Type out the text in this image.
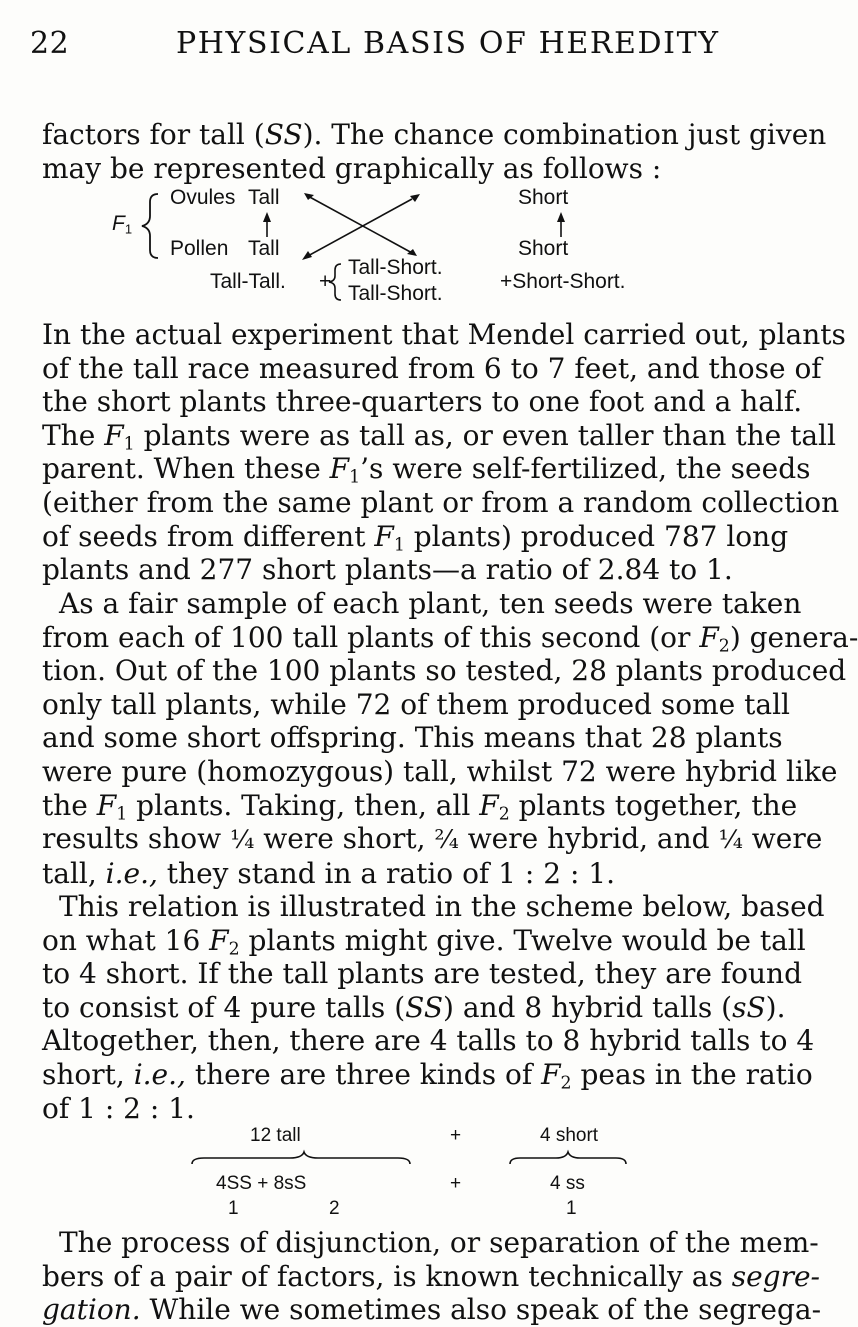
22	PHYSICAL BASIS OF HEREDITY
factors for tall (SS). The chance combination just given
may be represented graphically as follows :
$F_1$
Ovules
Pollen
Tall
Tall
Short
Short
Tall-Tall. +
Tall-Short.
Tall-Short.
+Short-Short.
In the actual experiment that Mendel carried out, plants
of the tall race measured from 6 to 7 feet, and those of
the short plants three-quarters to one foot and a half.
The $F_1$ plants were as tall as, or even taller than the tall
parent. When these $F_1’s$ were self-fertilized, the seeds
(either from the same plant or from a random collection
of seeds from different $F_1$ plants) produced 787 long
plants and 277 short plants—a ratio of 2.84 to 1.
As a fair sample of each plant, ten seeds were taken
from each of 100 tall plants of this second (or $F_2$) genera-
tion. Out of the 100 plants so tested, 28 plants produced
only tall plants, while 72 of them produced some tall
and some short offspring. This means that 28 plants
were pure (homozygous) tall, whilst 72 were hybrid like
the $F_1$ plants. Taking, then, all $F_2$ plants together, the
results show ¼ were short, ²⁄₄ were hybrid, and ¼ were
tall, i.e., they stand in a ratio of 1 : 2 : 1.
This relation is illustrated in the scheme below, based
on what 16 $F_2$ plants might give. Twelve would be tall
to 4 short. If the tall plants are tested, they are found
to consist of 4 pure talls (SS) and 8 hybrid talls (sS).
Altogether, then, there are 4 talls to 8 hybrid talls to 4
short, i.e., there are three kinds of $F_2$ peas in the ratio
of 1 : 2 : 1.
12 tall	+	4 short
4SS + 8sS	+	4 ss
1	2	1
The process of disjunction, or separation of the mem-
bers of a pair of factors, is known technically as segre-
gation. While we sometimes also speak of the segrega-
